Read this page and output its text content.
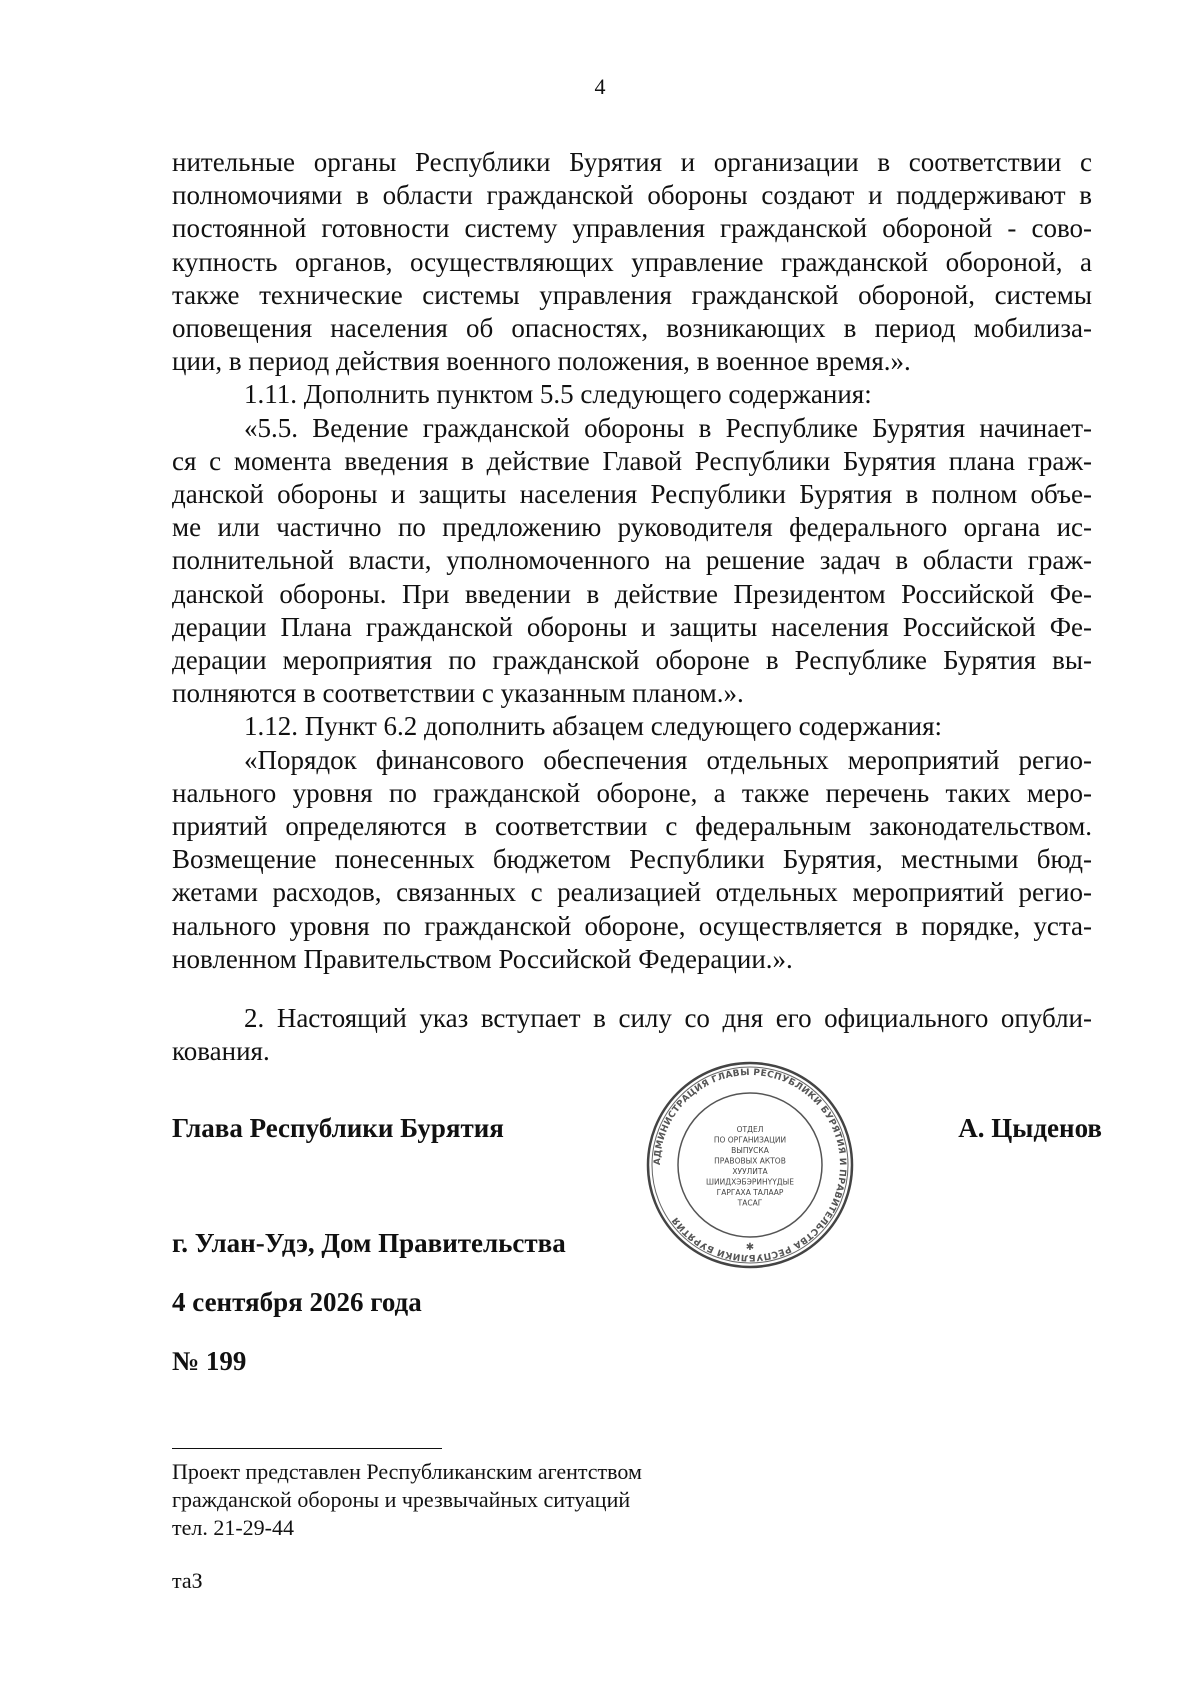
4
нительные органы Республики Бурятия и организации в соответствии с
полномочиями в области гражданской обороны создают и поддерживают в
постоянной готовности систему управления гражданской обороной - сово-
купность органов, осуществляющих управление гражданской обороной, а
также технические системы управления гражданской обороной, системы
оповещения населения об опасностях, возникающих в период мобилиза-
ции, в период действия военного положения, в военное время.».
1.11. Дополнить пунктом 5.5 следующего содержания:
«5.5. Ведение гражданской обороны в Республике Бурятия начинает-
ся с момента введения в действие Главой Республики Бурятия плана граж-
данской обороны и защиты населения Республики Бурятия в полном объе-
ме или частично по предложению руководителя федерального органа ис-
полнительной власти, уполномоченного на решение задач в области граж-
данской обороны. При введении в действие Президентом Российской Фе-
дерации Плана гражданской обороны и защиты населения Российской Фе-
дерации мероприятия по гражданской обороне в Республике Бурятия вы-
полняются в соответствии с указанным планом.».
1.12. Пункт 6.2 дополнить абзацем следующего содержания:
«Порядок финансового обеспечения отдельных мероприятий регио-
нального уровня по гражданской обороне, а также перечень таких меро-
приятий определяются в соответствии с федеральным законодательством.
Возмещение понесенных бюджетом Республики Бурятия, местными бюд-
жетами расходов, связанных с реализацией отдельных мероприятий регио-
нального уровня по гражданской обороне, осуществляется в порядке, уста-
новленном Правительством Российской Федерации.».
2. Настоящий указ вступает в силу со дня его официального опубли-
кования.
Глава Республики Бурятия	А. Цыденов
г. Улан-Удэ, Дом Правительства
4 сентября 2026 года
№ 199
АДМИНИСТРАЦИЯ ГЛАВЫ РЕСПУБЛИКИ БУРЯТИЯ И ПРАВИТЕЛЬСТВА РЕСПУБЛИКИ БУРЯТИЯ
ОТДЕЛ
ПО ОРГАНИЗАЦИИ
ВЫПУСКА
ПРАВОВЫХ АКТОВ
ХУУЛИТА
ШИИДХЭБЭРИНҮҮДЫЕ
ГАРГАХА ТАЛААР
ТАСАГ
✱
Проект представлен Республиканским агентством
гражданской обороны и чрезвычайных ситуаций
тел. 21-29-44
таЗ
